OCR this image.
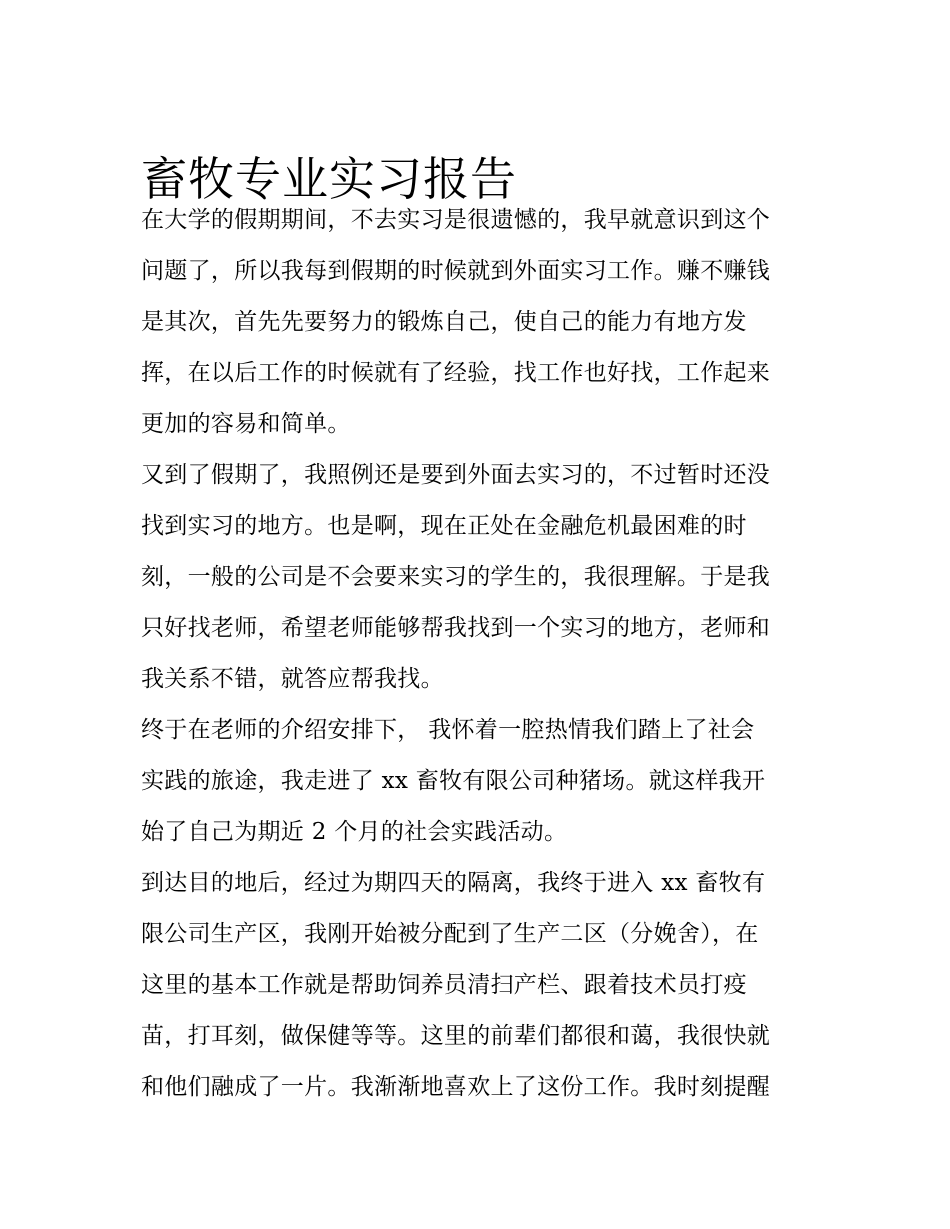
畜牧专业实习报告
在大学的假期期间，不去实习是很遗憾的，我早就意识到这个
问题了，所以我每到假期的时候就到外面实习工作。赚不赚钱
是其次，首先先要努力的锻炼自己，使自己的能力有地方发
挥，在以后工作的时候就有了经验，找工作也好找，工作起来
更加的容易和简单。
又到了假期了，我照例还是要到外面去实习的，不过暂时还没
找到实习的地方。也是啊，现在正处在金融危机最困难的时
刻，一般的公司是不会要来实习的学生的，我很理解。于是我
只好找老师，希望老师能够帮我找到一个实习的地方，老师和
我关系不错，就答应帮我找。
终于在老师的介绍安排下， 我怀着一腔热情我们踏上了社会
实践的旅途，我走进了 xx 畜牧有限公司种猪场。就这样我开
始了自己为期近 2 个月的社会实践活动。
到达目的地后，经过为期四天的隔离，我终于进入 xx 畜牧有
限公司生产区，我刚开始被分配到了生产二区（分娩舍），在
这里的基本工作就是帮助饲养员清扫产栏、跟着技术员打疫
苗，打耳刻，做保健等等。这里的前辈们都很和蔼，我很快就
和他们融成了一片。我渐渐地喜欢上了这份工作。我时刻提醒
